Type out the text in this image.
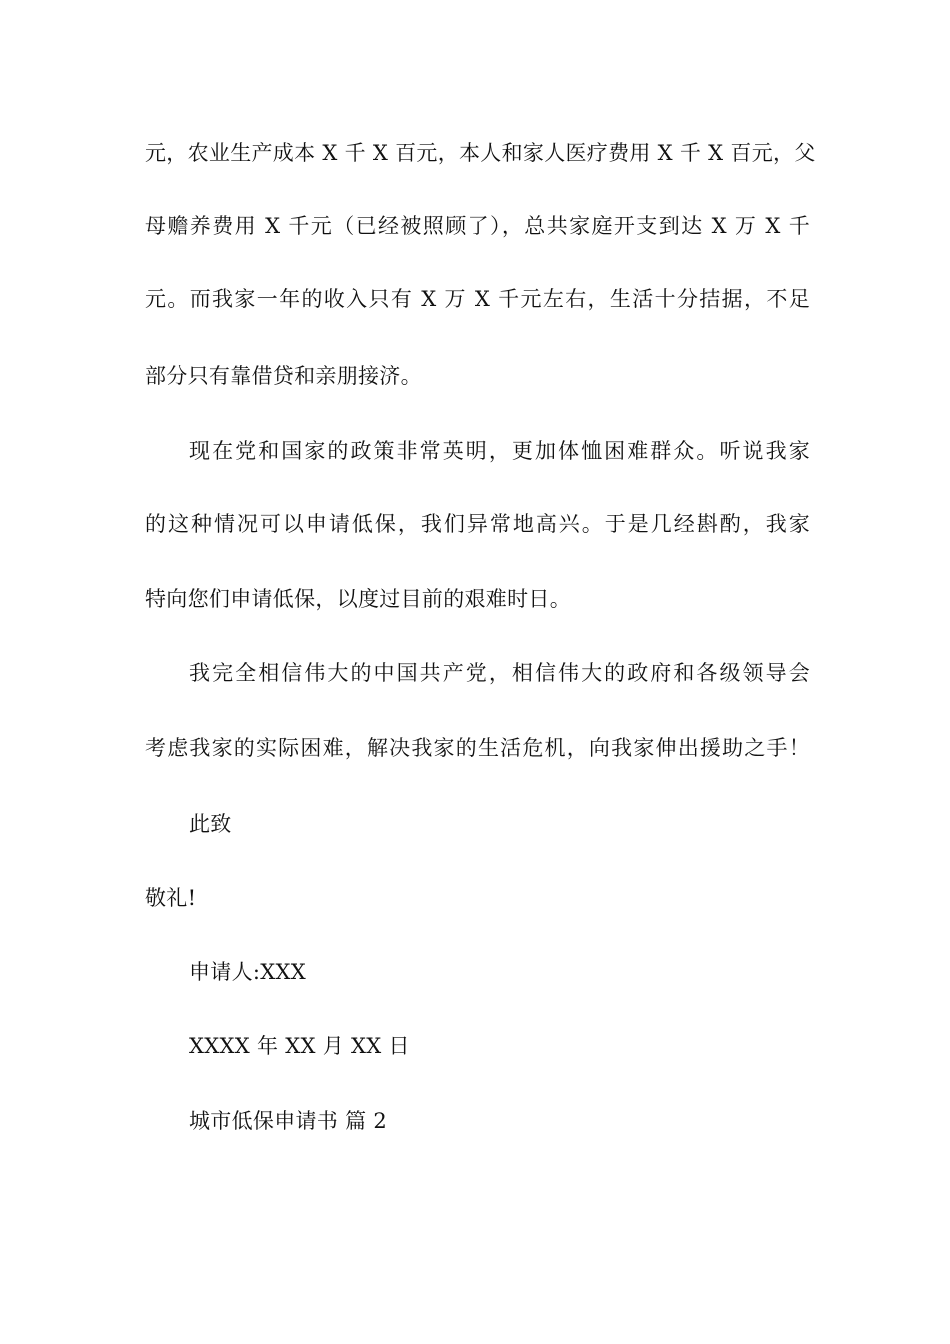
元，农业生产成本 X 千 X 百元，本人和家人医疗费用 X 千 X 百元，父
母赡养费用 X 千元（已经被照顾了），总共家庭开支到达 X 万 X 千
元。而我家一年的收入只有 X 万 X 千元左右，生活十分拮据，不足
部分只有靠借贷和亲朋接济。
现在党和国家的政策非常英明，更加体恤困难群众。听说我家
的这种情况可以申请低保，我们异常地高兴。于是几经斟酌，我家
特向您们申请低保，以度过目前的艰难时日。
我完全相信伟大的中国共产党，相信伟大的政府和各级领导会
考虑我家的实际困难，解决我家的生活危机，向我家伸出援助之手！
此致
敬礼!
申请人:XXX
XXXX 年 XX 月 XX 日
城市低保申请书 篇 2
